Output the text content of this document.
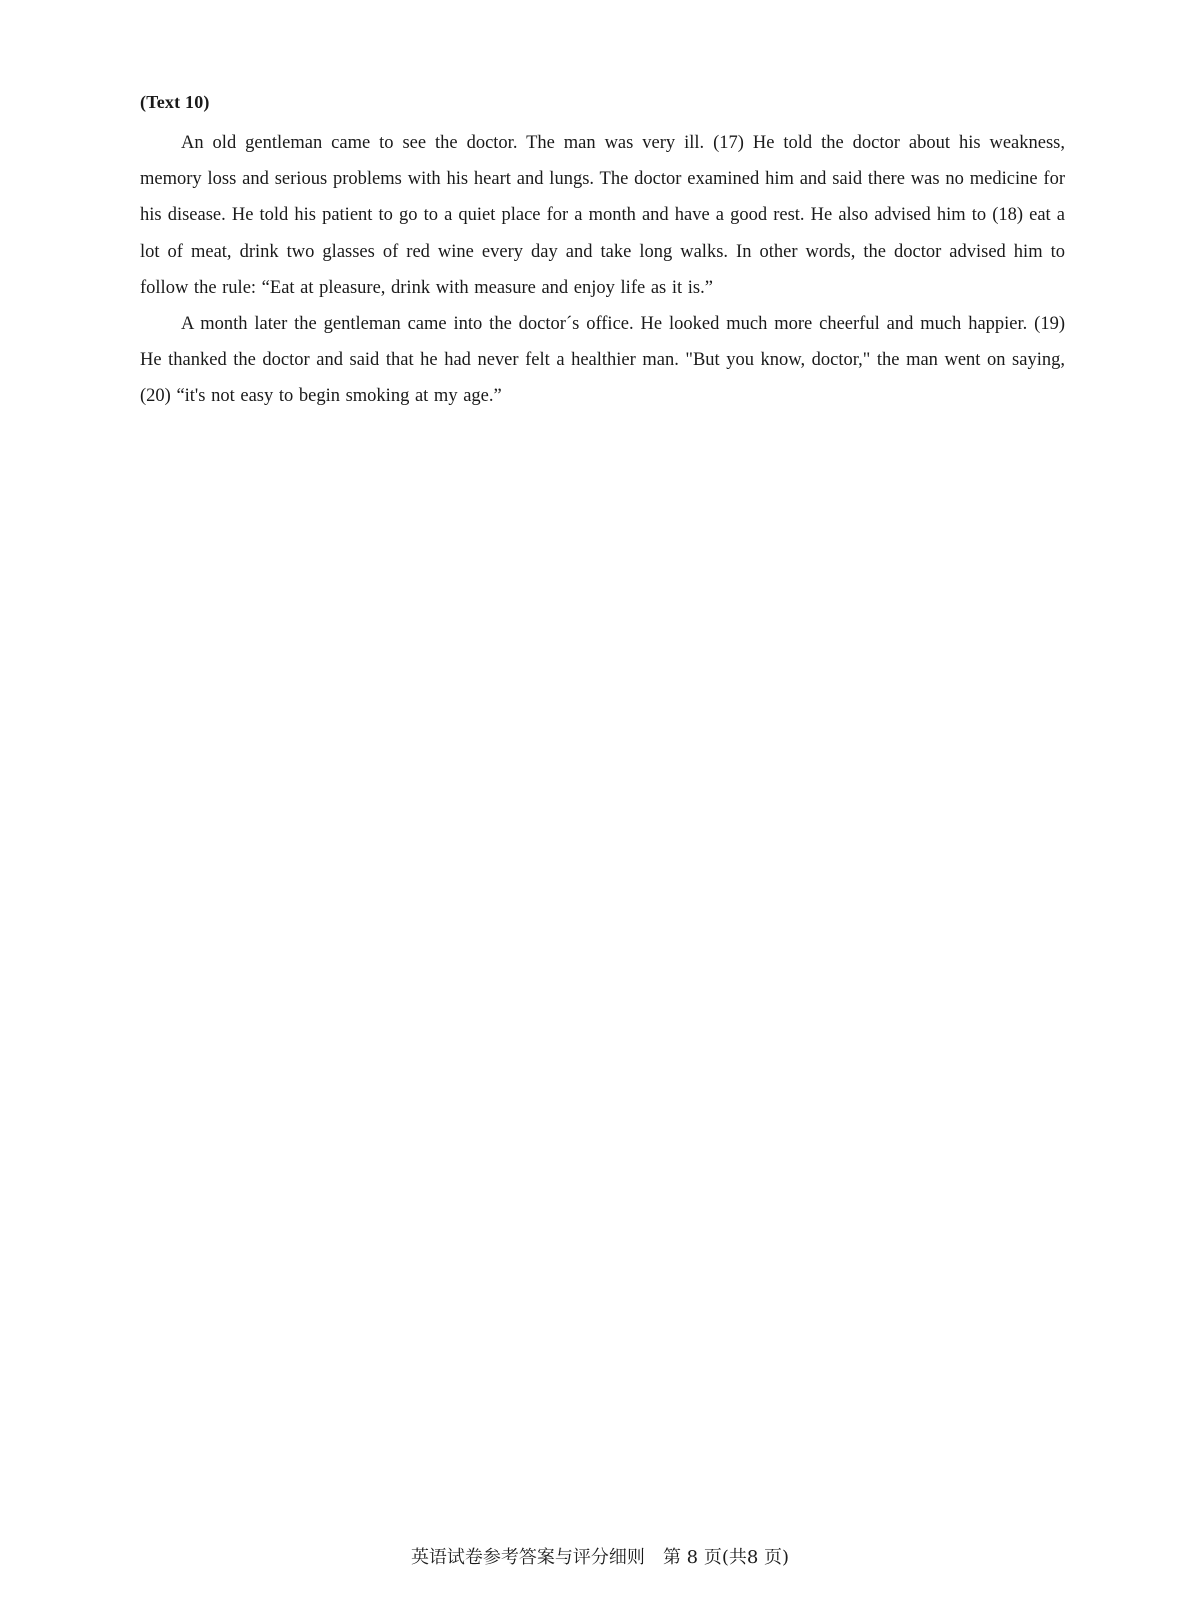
(Text 10)

An old gentleman came to see the doctor. The man was very ill. (17) He told the doctor about his weakness, memory loss and serious problems with his heart and lungs. The doctor examined him and said there was no medicine for his disease. He told his patient to go to a quiet place for a month and have a good rest. He also advised him to (18) eat a lot of meat, drink two glasses of red wine every day and take long walks. In other words, the doctor advised him to follow the rule: “Eat at pleasure, drink with measure and enjoy life as it is.”

A month later the gentleman came into the doctor´s office. He looked much more cheerful and much happier. (19) He thanked the doctor and said that he had never felt a healthier man. "But you know, doctor," the man went on saying, (20) “it's not easy to begin smoking at my age.”

英语试卷参考答案与评分细则 第 8 页(共8 页)
